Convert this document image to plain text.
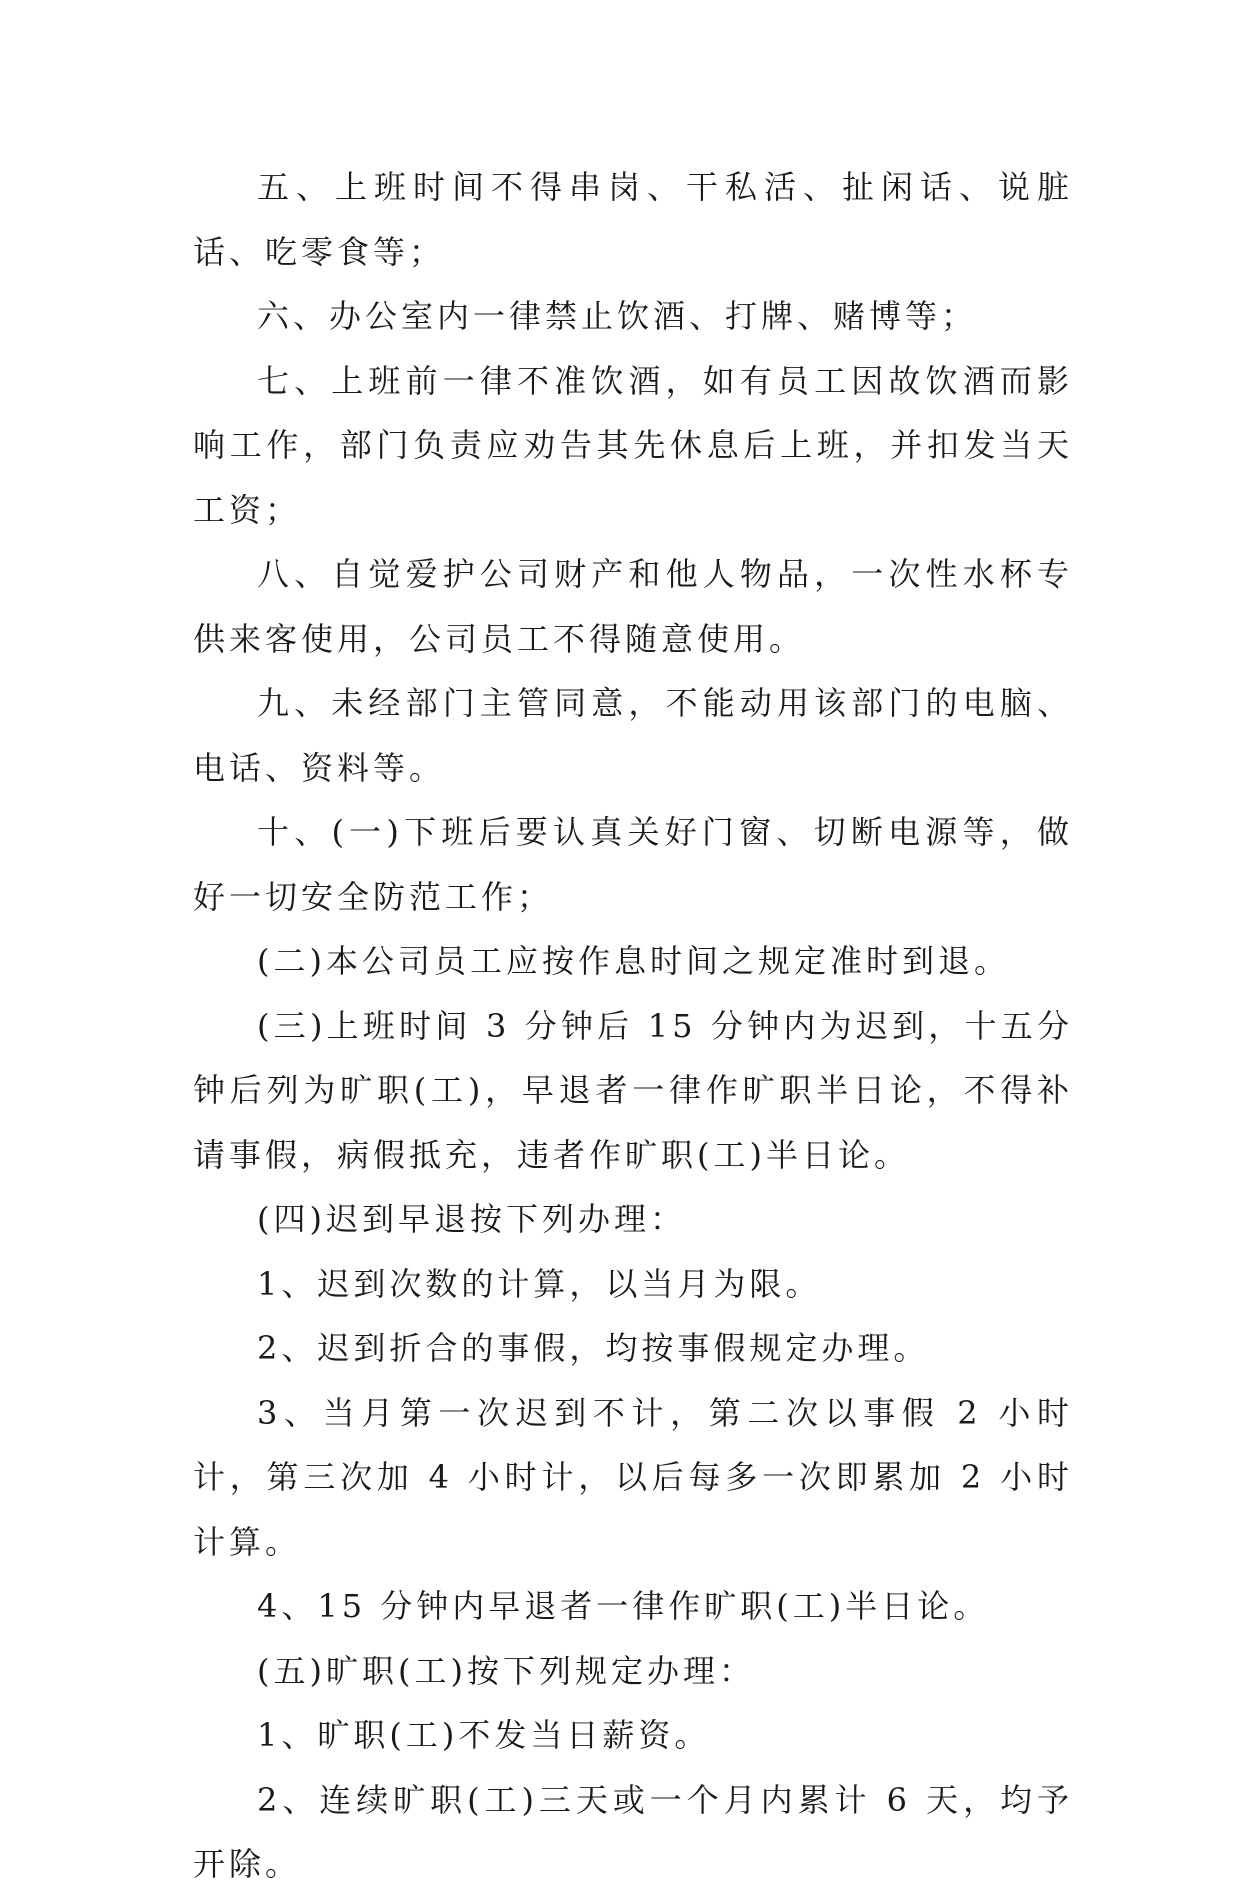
五、上班时间不得串岗、干私活、扯闲话、说脏话、吃零食等；

六、办公室内一律禁止饮酒、打牌、赌博等；

七、上班前一律不准饮酒，如有员工因故饮酒而影响工作，部门负责应劝告其先休息后上班，并扣发当天工资；

八、自觉爱护公司财产和他人物品，一次性水杯专供来客使用，公司员工不得随意使用。

九、未经部门主管同意，不能动用该部门的电脑、电话、资料等。

十、(一)下班后要认真关好门窗、切断电源等，做好一切安全防范工作；

(二)本公司员工应按作息时间之规定准时到退。

(三)上班时间 3 分钟后 15 分钟内为迟到，十五分钟后列为旷职(工)，早退者一律作旷职半日论，不得补请事假，病假抵充，违者作旷职(工)半日论。

(四)迟到早退按下列办理：

1、迟到次数的计算，以当月为限。

2、迟到折合的事假，均按事假规定办理。

3、当月第一次迟到不计，第二次以事假 2 小时计，第三次加 4 小时计，以后每多一次即累加 2 小时计算。

4、15 分钟内早退者一律作旷职(工)半日论。

(五)旷职(工)按下列规定办理：

1、旷职(工)不发当日薪资。

2、连续旷职(工)三天或一个月内累计 6 天，均予开除。
